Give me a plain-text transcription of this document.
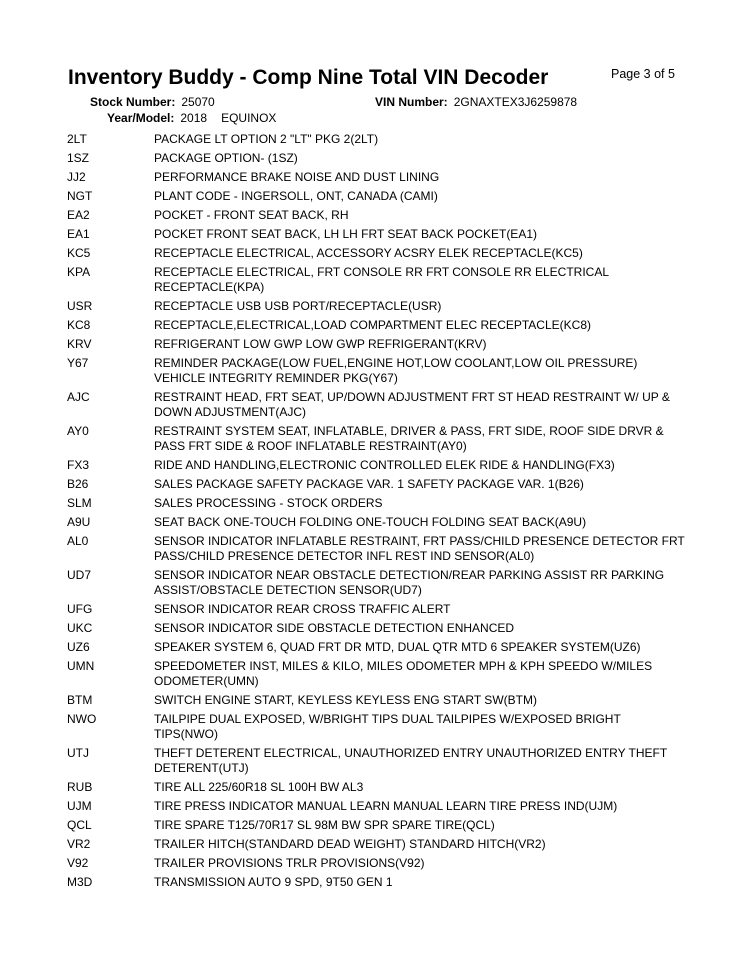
Inventory Buddy - Comp Nine Total VIN Decoder	Page 3 of 5
Stock Number: 25070
Year/Model: 2018 EQUINOX
VIN Number: 2GNAXTEX3J6259878
2LT	PACKAGE LT OPTION 2 "LT" PKG 2(2LT)
1SZ	PACKAGE OPTION- (1SZ)
JJ2	PERFORMANCE BRAKE NOISE AND DUST LINING
NGT	PLANT CODE - INGERSOLL, ONT, CANADA (CAMI)
EA2	POCKET - FRONT SEAT BACK, RH
EA1	POCKET FRONT SEAT BACK, LH LH FRT SEAT BACK POCKET(EA1)
KC5	RECEPTACLE ELECTRICAL, ACCESSORY ACSRY ELEK RECEPTACLE(KC5)
KPA	RECEPTACLE ELECTRICAL, FRT CONSOLE RR FRT CONSOLE RR ELECTRICAL RECEPTACLE(KPA)
USR	RECEPTACLE USB USB PORT/RECEPTACLE(USR)
KC8	RECEPTACLE,ELECTRICAL,LOAD COMPARTMENT ELEC RECEPTACLE(KC8)
KRV	REFRIGERANT LOW GWP LOW GWP REFRIGERANT(KRV)
Y67	REMINDER PACKAGE(LOW FUEL,ENGINE HOT,LOW COOLANT,LOW OIL PRESSURE) VEHICLE INTEGRITY REMINDER PKG(Y67)
AJC	RESTRAINT HEAD, FRT SEAT, UP/DOWN ADJUSTMENT FRT ST HEAD RESTRAINT W/ UP & DOWN ADJUSTMENT(AJC)
AY0	RESTRAINT SYSTEM SEAT, INFLATABLE, DRIVER & PASS, FRT SIDE, ROOF SIDE DRVR & PASS FRT SIDE & ROOF INFLATABLE RESTRAINT(AY0)
FX3	RIDE AND HANDLING,ELECTRONIC CONTROLLED ELEK RIDE & HANDLING(FX3)
B26	SALES PACKAGE SAFETY PACKAGE VAR. 1 SAFETY PACKAGE VAR. 1(B26)
SLM	SALES PROCESSING - STOCK ORDERS
A9U	SEAT BACK ONE-TOUCH FOLDING ONE-TOUCH FOLDING SEAT BACK(A9U)
AL0	SENSOR INDICATOR INFLATABLE RESTRAINT, FRT PASS/CHILD PRESENCE DETECTOR FRT PASS/CHILD PRESENCE DETECTOR INFL REST IND SENSOR(AL0)
UD7	SENSOR INDICATOR NEAR OBSTACLE DETECTION/REAR PARKING ASSIST RR PARKING ASSIST/OBSTACLE DETECTION SENSOR(UD7)
UFG	SENSOR INDICATOR REAR CROSS TRAFFIC ALERT
UKC	SENSOR INDICATOR SIDE OBSTACLE DETECTION ENHANCED
UZ6	SPEAKER SYSTEM 6, QUAD FRT DR MTD, DUAL QTR MTD 6 SPEAKER SYSTEM(UZ6)
UMN	SPEEDOMETER INST, MILES & KILO, MILES ODOMETER MPH & KPH SPEEDO W/MILES ODOMETER(UMN)
BTM	SWITCH ENGINE START, KEYLESS KEYLESS ENG START SW(BTM)
NWO	TAILPIPE DUAL EXPOSED, W/BRIGHT TIPS DUAL TAILPIPES W/EXPOSED BRIGHT TIPS(NWO)
UTJ	THEFT DETERENT ELECTRICAL, UNAUTHORIZED ENTRY UNAUTHORIZED ENTRY THEFT DETERENT(UTJ)
RUB	TIRE ALL 225/60R18 SL 100H BW AL3
UJM	TIRE PRESS INDICATOR MANUAL LEARN MANUAL LEARN TIRE PRESS IND(UJM)
QCL	TIRE SPARE T125/70R17 SL 98M BW SPR SPARE TIRE(QCL)
VR2	TRAILER HITCH(STANDARD DEAD WEIGHT) STANDARD HITCH(VR2)
V92	TRAILER PROVISIONS TRLR PROVISIONS(V92)
M3D	TRANSMISSION AUTO 9 SPD, 9T50 GEN 1
